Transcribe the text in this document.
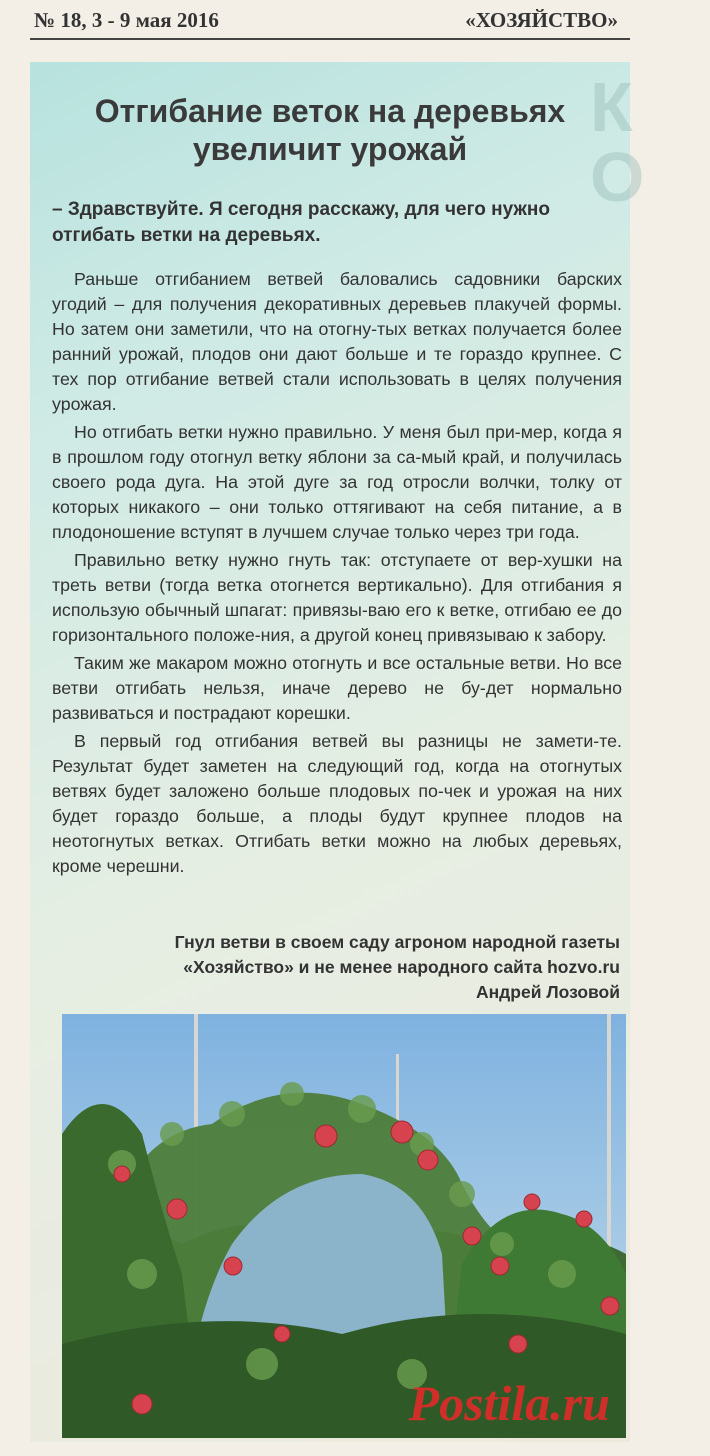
№ 18, 3 - 9 мая 2016	«ХОЗЯЙСТВО»
К
О
Отгибание веток на деревьях
увеличит урожай

– Здравствуйте. Я сегодня расскажу, для чего нужно отгибать ветки на деревьях.

Раньше отгибанием ветвей баловались садовники барских угодий – для получения декоративных деревьев плакучей формы. Но затем они заметили, что на отогну-тых ветках получается более ранний урожай, плодов они дают больше и те гораздо крупнее. С тех пор отгибание ветвей стали использовать в целях получения урожая.

Но отгибать ветки нужно правильно. У меня был при-мер, когда я в прошлом году отогнул ветку яблони за са-мый край, и получилась своего рода дуга. На этой дуге за год отросли волчки, толку от которых никакого – они только оттягивают на себя питание, а в плодоношение вступят в лучшем случае только через три года.

Правильно ветку нужно гнуть так: отступаете от вер-хушки на треть ветви (тогда ветка отогнется вертикально). Для отгибания я использую обычный шпагат: привязы-ваю его к ветке, отгибаю ее до горизонтального положе-ния, а другой конец привязываю к забору.

Таким же макаром можно отогнуть и все остальные ветви. Но все ветви отгибать нельзя, иначе дерево не бу-дет нормально развиваться и пострадают корешки.

В первый год отгибания ветвей вы разницы не замети-те. Результат будет заметен на следующий год, когда на отогнутых ветвях будет заложено больше плодовых по-чек и урожая на них будет гораздо больше, а плоды будут крупнее плодов на неотогнутых ветках. Отгибать ветки можно на любых деревьях, кроме черешни.

Гнул ветви в своем саду агроном народной газеты
«Хозяйство» и не менее народного сайта hozvo.ru
Андрей Лозовой
Postila.ru
